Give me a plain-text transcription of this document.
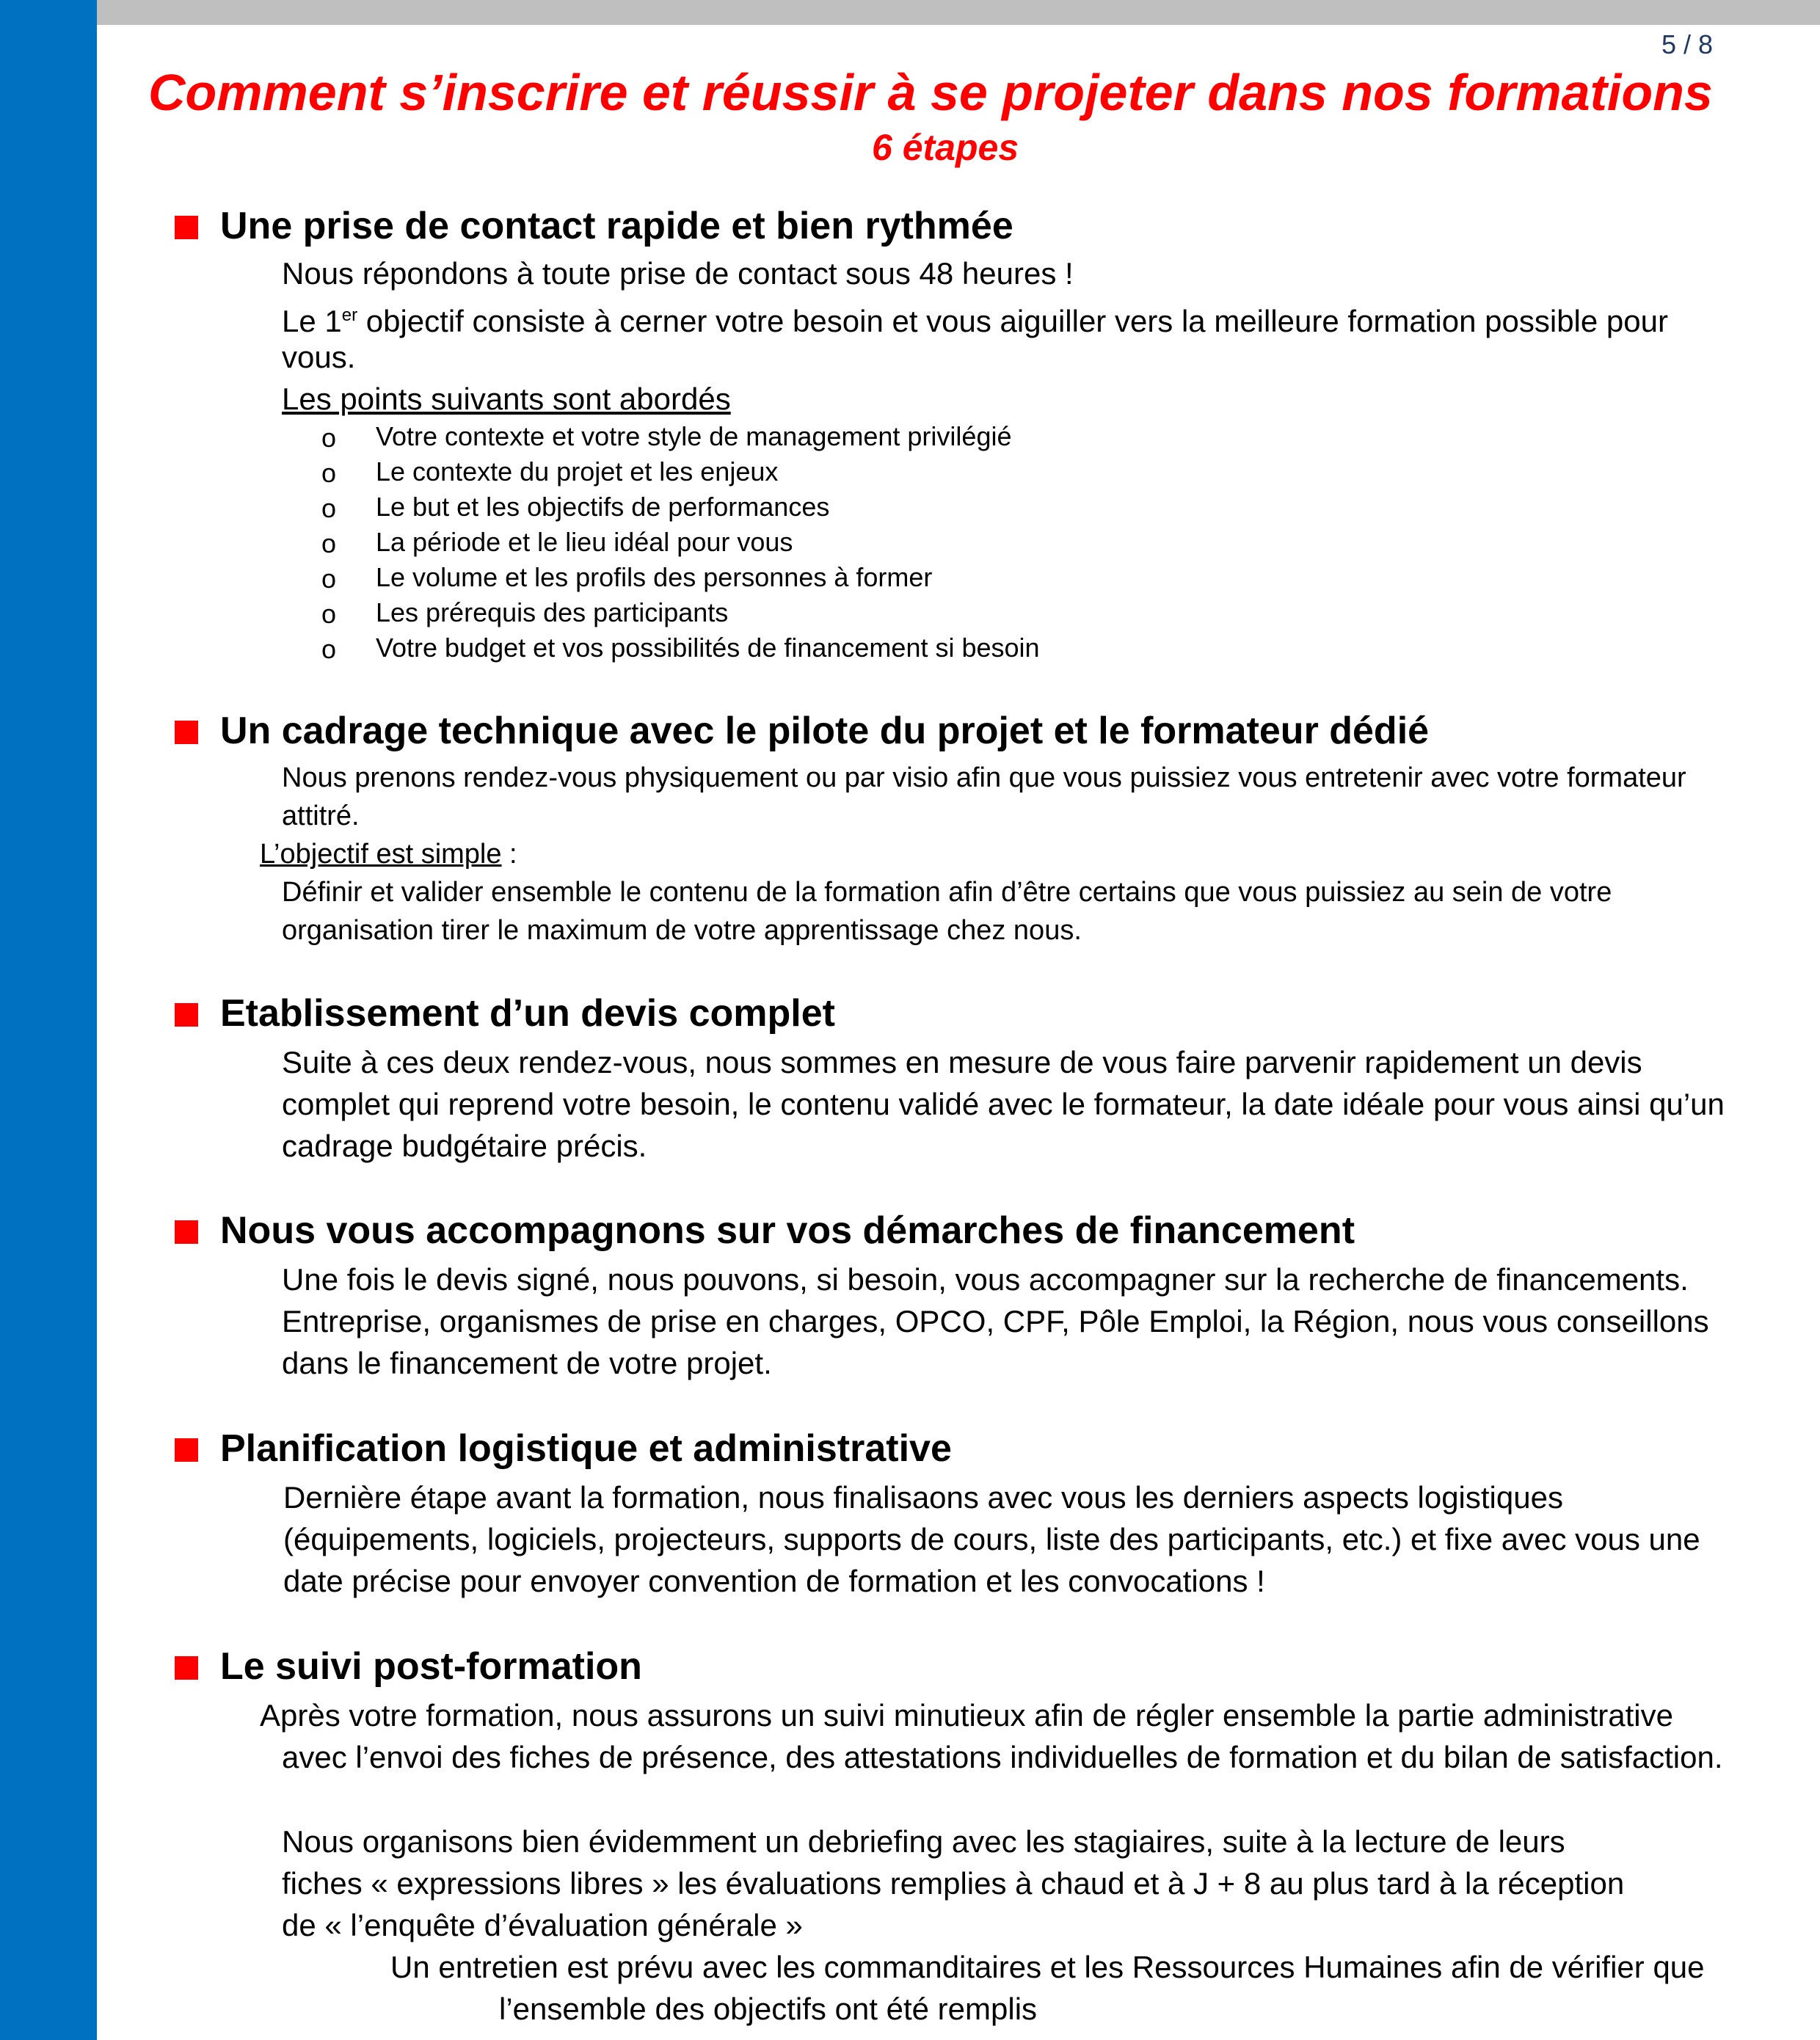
5 / 8
Comment s’inscrire et réussir à se projeter dans nos formations
6 étapes
Une prise de contact rapide et bien rythmée
Nous répondons à toute prise de contact sous 48 heures !
Le 1er objectif consiste à cerner votre besoin et vous aiguiller vers la meilleure formation possible pour
vous.
Les points suivants sont abordés
o Votre contexte et votre style de management privilégié
o Le contexte du projet et les enjeux
o Le but et les objectifs de performances
o La période et le lieu idéal pour vous
o Le volume et les profils des personnes à former
o Les prérequis des participants
o Votre budget et vos possibilités de financement si besoin
Un cadrage technique avec le pilote du projet et le formateur dédié
Nous prenons rendez-vous physiquement ou par visio afin que vous puissiez vous entretenir avec votre formateur
attitré.
L’objectif est simple :
Définir et valider ensemble le contenu de la formation afin d’être certains que vous puissiez au sein de votre
organisation tirer le maximum de votre apprentissage chez nous.
Etablissement d’un devis complet
Suite à ces deux rendez-vous, nous sommes en mesure de vous faire parvenir rapidement un devis
complet qui reprend votre besoin, le contenu validé avec le formateur, la date idéale pour vous ainsi qu’un
cadrage budgétaire précis.
Nous vous accompagnons sur vos démarches de financement
Une fois le devis signé, nous pouvons, si besoin, vous accompagner sur la recherche de financements.
Entreprise, organismes de prise en charges, OPCO, CPF, Pôle Emploi, la Région, nous vous conseillons
dans le financement de votre projet.
Planification logistique et administrative
Dernière étape avant la formation, nous finalisaons avec vous les derniers aspects logistiques
(équipements, logiciels, projecteurs, supports de cours, liste des participants, etc.) et fixe avec vous une
date précise pour envoyer convention de formation et les convocations !
Le suivi post-formation
Après votre formation, nous assurons un suivi minutieux afin de régler ensemble la partie administrative
avec l’envoi des fiches de présence, des attestations individuelles de formation et du bilan de satisfaction.
Nous organisons bien évidemment un debriefing avec les stagiaires, suite à la lecture de leurs
fiches « expressions libres » les évaluations remplies à chaud et à J + 8 au plus tard à la réception
de « l’enquête d’évaluation générale »
Un entretien est prévu avec les commanditaires et les Ressources Humaines afin de vérifier que
l’ensemble des objectifs ont été remplis
